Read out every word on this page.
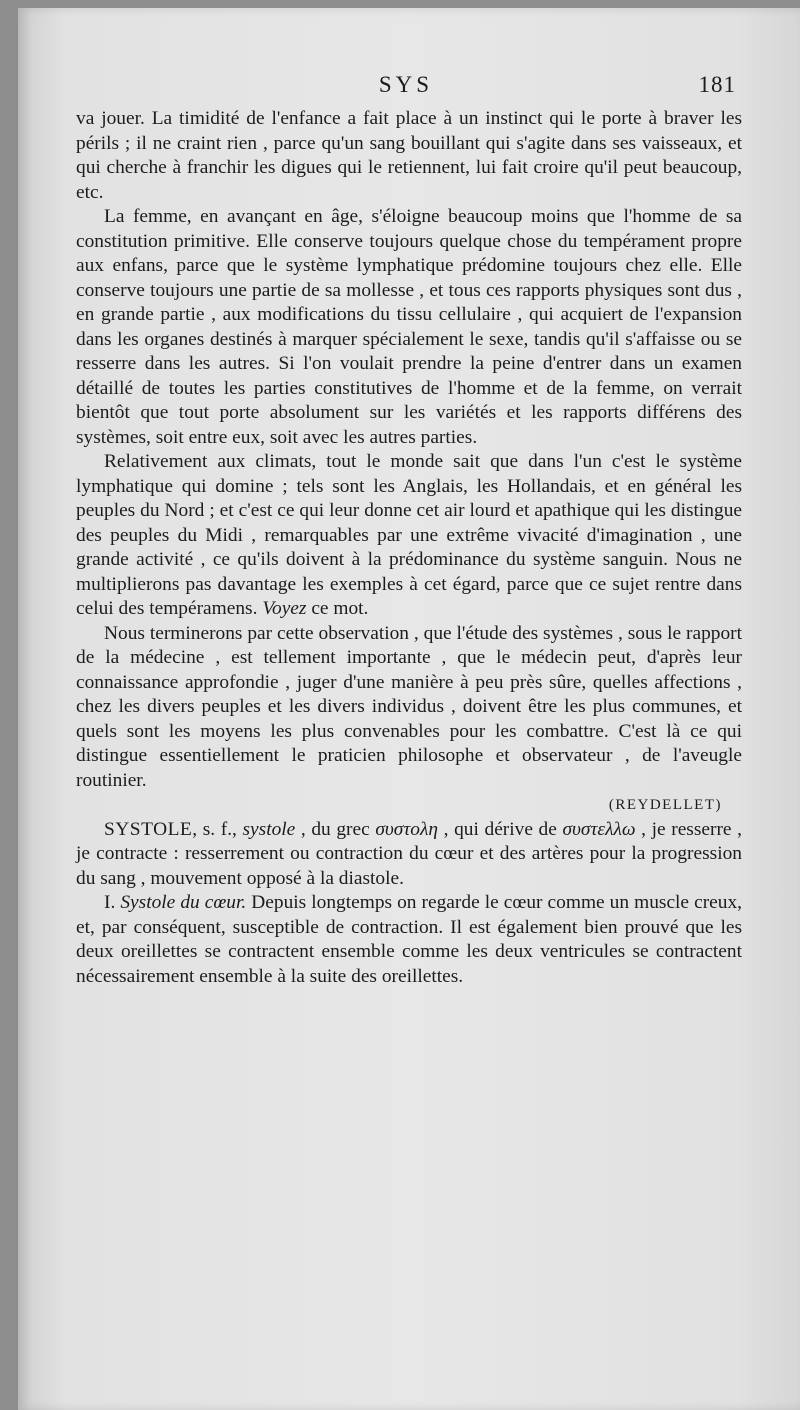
SYS	181

va jouer. La timidité de l'enfance a fait place à un instinct qui le porte à braver les périls ; il ne craint rien , parce qu'un sang bouillant qui s'agite dans ses vaisseaux, et qui cherche à franchir les digues qui le retiennent, lui fait croire qu'il peut beaucoup, etc.

La femme, en avançant en âge, s'éloigne beaucoup moins que l'homme de sa constitution primitive. Elle conserve toujours quelque chose du tempérament propre aux enfans, parce que le système lymphatique prédomine toujours chez elle. Elle conserve toujours une partie de sa mollesse , et tous ces rapports physiques sont dus , en grande partie , aux modifications du tissu cellulaire , qui acquiert de l'expansion dans les organes destinés à marquer spécialement le sexe, tandis qu'il s'affaisse ou se resserre dans les autres. Si l'on voulait prendre la peine d'entrer dans un examen détaillé de toutes les parties constitutives de l'homme et de la femme, on verrait bientôt que tout porte absolument sur les variétés et les rapports différens des systèmes, soit entre eux, soit avec les autres parties.

Relativement aux climats, tout le monde sait que dans l'un c'est le système lymphatique qui domine ; tels sont les Anglais, les Hollandais, et en général les peuples du Nord ; et c'est ce qui leur donne cet air lourd et apathique qui les distingue des peuples du Midi , remarquables par une extrême vivacité d'imagination , une grande activité , ce qu'ils doivent à la prédominance du système sanguin. Nous ne multiplierons pas davantage les exemples à cet égard, parce que ce sujet rentre dans celui des tempéramens. Voyez ce mot.

Nous terminerons par cette observation , que l'étude des systèmes , sous le rapport de la médecine , est tellement importante , que le médecin peut, d'après leur connaissance approfondie , juger d'une manière à peu près sûre, quelles affections , chez les divers peuples et les divers individus , doivent être les plus communes, et quels sont les moyens les plus convenables pour les combattre. C'est là ce qui distingue essentiellement le praticien philosophe et observateur , de l'aveugle routinier.

(REYDELLET)

SYSTOLE, s. f., systole , du grec συστολη , qui dérive de συστελλω , je resserre , je contracte : resserrement ou contraction du cœur et des artères pour la progression du sang , mouvement opposé à la diastole.

I. Systole du cœur. Depuis longtemps on regarde le cœur comme un muscle creux, et, par conséquent, susceptible de contraction. Il est également bien prouvé que les deux oreillettes se contractent ensemble comme les deux ventricules se contractent nécessairement ensemble à la suite des oreillettes.
